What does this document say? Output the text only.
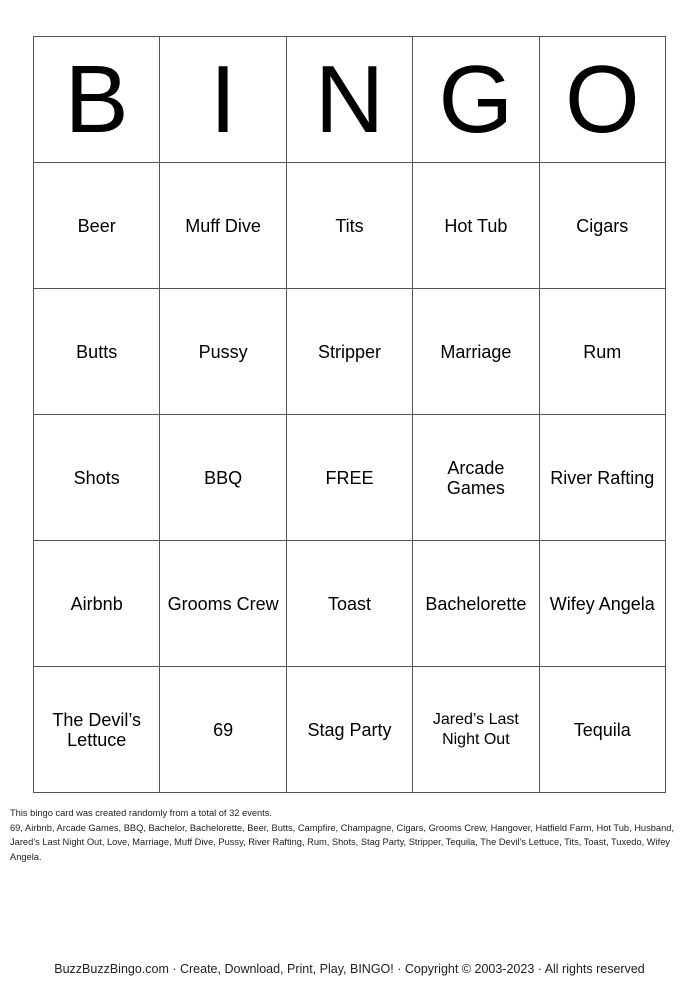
B	I	N	G	O
Beer	Muff Dive	Tits	Hot Tub	Cigars
Butts	Pussy	Stripper	Marriage	Rum
Shots	BBQ	FREE	Arcade Games	River Rafting
Airbnb	Grooms Crew	Toast	Bachelorette	Wifey Angela
The Devil’s Lettuce	69	Stag Party	Jared’s Last Night Out	Tequila
This bingo card was created randomly from a total of 32 events.
69, Airbnb, Arcade Games, BBQ, Bachelor, Bachelorette, Beer, Butts, Campfire, Champagne, Cigars, Grooms Crew, Hangover, Hatfield Farm, Hot Tub, Husband, Jared’s Last Night Out, Love, Marriage, Muff Dive, Pussy, River Rafting, Rum, Shots, Stag Party, Stripper, Tequila, The Devil’s Lettuce, Tits, Toast, Tuxedo, Wifey Angela.
BuzzBuzzBingo.com · Create, Download, Print, Play, BINGO! · Copyright © 2003-2023 · All rights reserved
